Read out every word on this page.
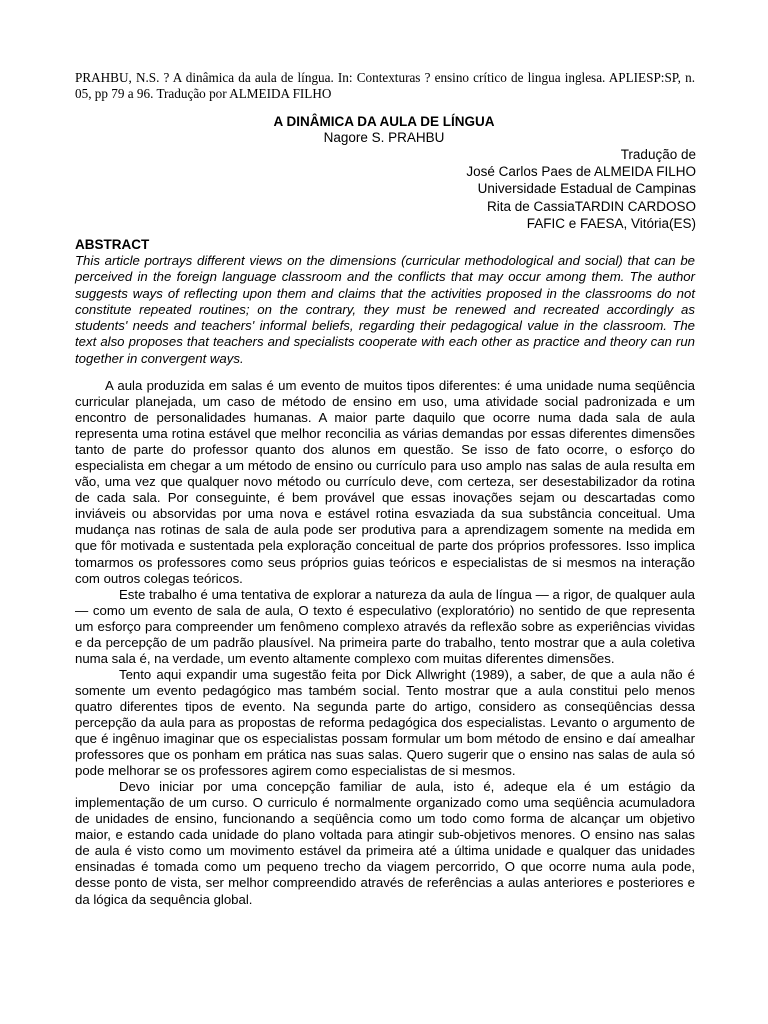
PRAHBU, N.S. ? A dinâmica da aula de língua. In: Contexturas ? ensino crítico de lingua inglesa. APLIESP:SP, n. 05, pp 79 a 96. Tradução por ALMEIDA FILHO
A DINÂMICA DA AULA DE LÍNGUA
Nagore S. PRAHBU
Tradução de
José Carlos Paes de ALMEIDA FILHO
Universidade Estadual de Campinas
Rita de CassiaTARDIN CARDOSO
FAFIC e FAESA, Vitória(ES)
ABSTRACT
This article portrays different views on the dimensions (curricular methodological and social) that can be perceived in the foreign language classroom and the conflicts that may occur among them. The author suggests ways of reflecting upon them and claims that the activities proposed in the classrooms do not constitute repeated routines; on the contrary, they must be renewed and recreated accordingly as students' needs and teachers' informal beliefs, regarding their pedagogical value in the classroom. The text also proposes that teachers and specialists cooperate with each other as practice and theory can run together in convergent ways.

A aula produzida em salas é um evento de muitos tipos diferentes: é uma unidade numa seqüência curricular planejada, um caso de método de ensino em uso, uma atividade social padronizada e um encontro de personalidades humanas. A maior parte daquilo que ocorre numa dada sala de aula representa uma rotina estável que melhor reconcilia as várias demandas por essas diferentes dimensões tanto de parte do professor quanto dos alunos em questão. Se isso de fato ocorre, o esforço do especialista em chegar a um método de ensino ou currículo para uso amplo nas salas de aula resulta em vão, uma vez que qualquer novo método ou currículo deve, com certeza, ser desestabilizador da rotina de cada sala. Por conseguinte, é bem provável que essas inovações sejam ou descartadas como inviáveis ou absorvidas por uma nova e estável rotina esvaziada da sua substância conceitual. Uma mudança nas rotinas de sala de aula pode ser produtiva para a aprendizagem somente na medida em que fôr motivada e sustentada pela exploração conceitual de parte dos próprios professores. Isso implica tomarmos os professores como seus próprios guias teóricos e especialistas de si mesmos na interação com outros colegas teóricos.

Este trabalho é uma tentativa de explorar a natureza da aula de língua — a rigor, de qualquer aula — como um evento de sala de aula, O texto é especulativo (exploratório) no sentido de que representa um esforço para compreender um fenômeno complexo através da reflexão sobre as experiências vividas e da percepção de um padrão plausível. Na primeira parte do trabalho, tento mostrar que a aula coletiva numa sala é, na verdade, um evento altamente complexo com muitas diferentes dimensões.

Tento aqui expandir uma sugestão feita por Dick Allwright (1989), a saber, de que a aula não é somente um evento pedagógico mas também social. Tento mostrar que a aula constitui pelo menos quatro diferentes tipos de evento. Na segunda parte do artigo, considero as conseqüências dessa percepção da aula para as propostas de reforma pedagógica dos especialistas. Levanto o argumento de que é ingênuo imaginar que os especialistas possam formular um bom método de ensino e daí amealhar professores que os ponham em prática nas suas salas. Quero sugerir que o ensino nas salas de aula só pode melhorar se os professores agirem como especialistas de si mesmos.

Devo iniciar por uma concepção familiar de aula, isto é, adeque ela é um estágio da implementação de um curso. O curriculo é normalmente organizado como uma seqüência acumuladora de unidades de ensino, funcionando a seqüência como um todo como forma de alcançar um objetivo maior, e estando cada unidade do plano voltada para atingir sub-objetivos menores. O ensino nas salas de aula é visto como um movimento estável da primeira até a última unidade e qualquer das unidades ensinadas é tomada como um pequeno trecho da viagem percorrido, O que ocorre numa aula pode, desse ponto de vista, ser melhor compreendido através de referências a aulas anteriores e posteriores e da lógica da sequência global.
